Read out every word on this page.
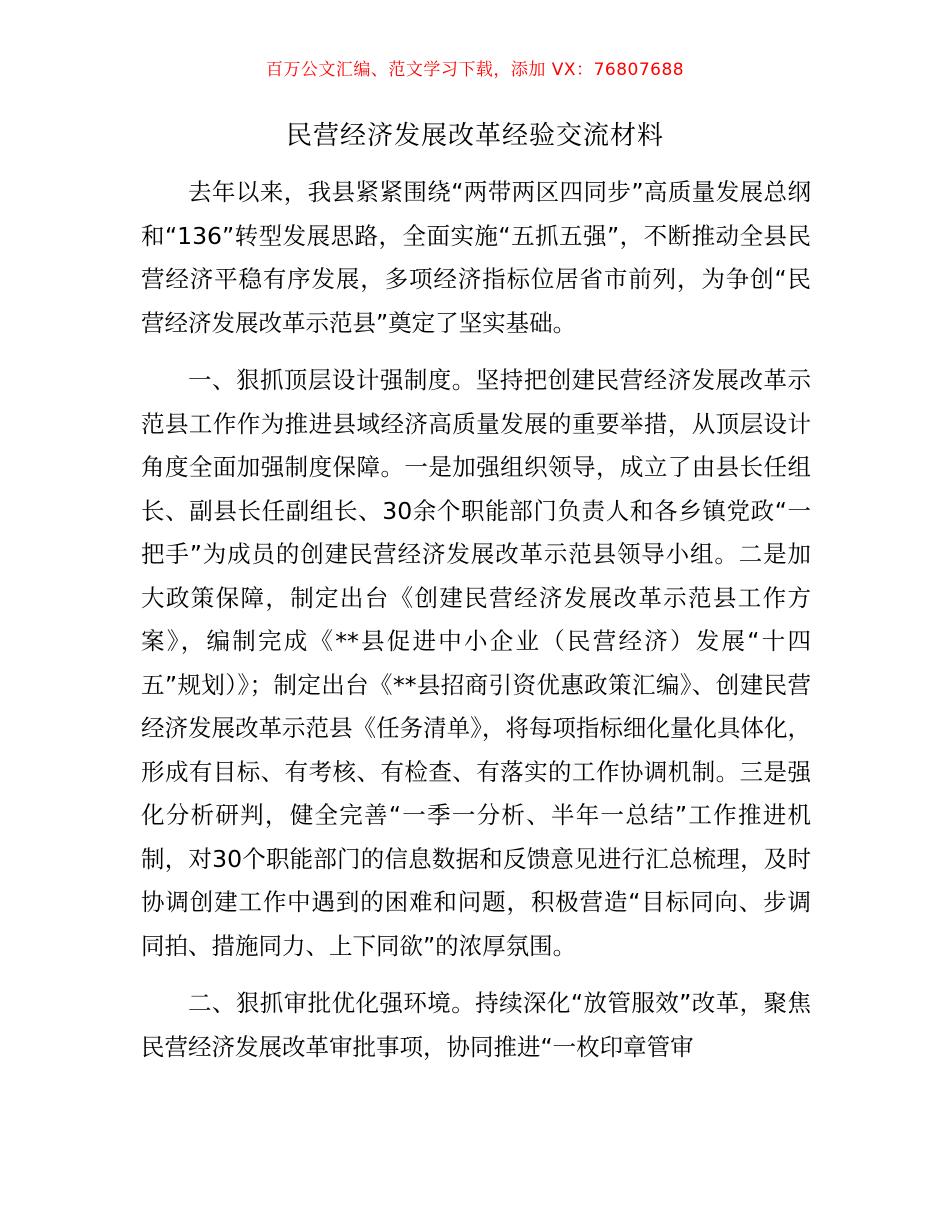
百万公文汇编、范文学习下载，添加 VX：76807688
民营经济发展改革经验交流材料

去年以来，我县紧紧围绕“两带两区四同步”高质量发展总纲和“136”转型发展思路，全面实施“五抓五强”，不断推动全县民营经济平稳有序发展，多项经济指标位居省市前列，为争创“民营经济发展改革示范县”奠定了坚实基础。

一、狠抓顶层设计强制度。坚持把创建民营经济发展改革示范县工作作为推进县域经济高质量发展的重要举措，从顶层设计角度全面加强制度保障。一是加强组织领导，成立了由县长任组长、副县长任副组长、30余个职能部门负责人和各乡镇党政“一把手”为成员的创建民营经济发展改革示范县领导小组。二是加大政策保障，制定出台《创建民营经济发展改革示范县工作方案》，编制完成《**县促进中小企业（民营经济）发展“十四五”规划）》；制定出台《**县招商引资优惠政策汇编》、创建民营经济发展改革示范县《任务清单》，将每项指标细化量化具体化，形成有目标、有考核、有检查、有落实的工作协调机制。三是强化分析研判，健全完善“一季一分析、半年一总结”工作推进机制，对30个职能部门的信息数据和反馈意见进行汇总梳理，及时协调创建工作中遇到的困难和问题，积极营造“目标同向、步调同拍、措施同力、上下同欲”的浓厚氛围。

二、狠抓审批优化强环境。持续深化“放管服效”改革，聚焦民营经济发展改革审批事项，协同推进“一枚印章管审
